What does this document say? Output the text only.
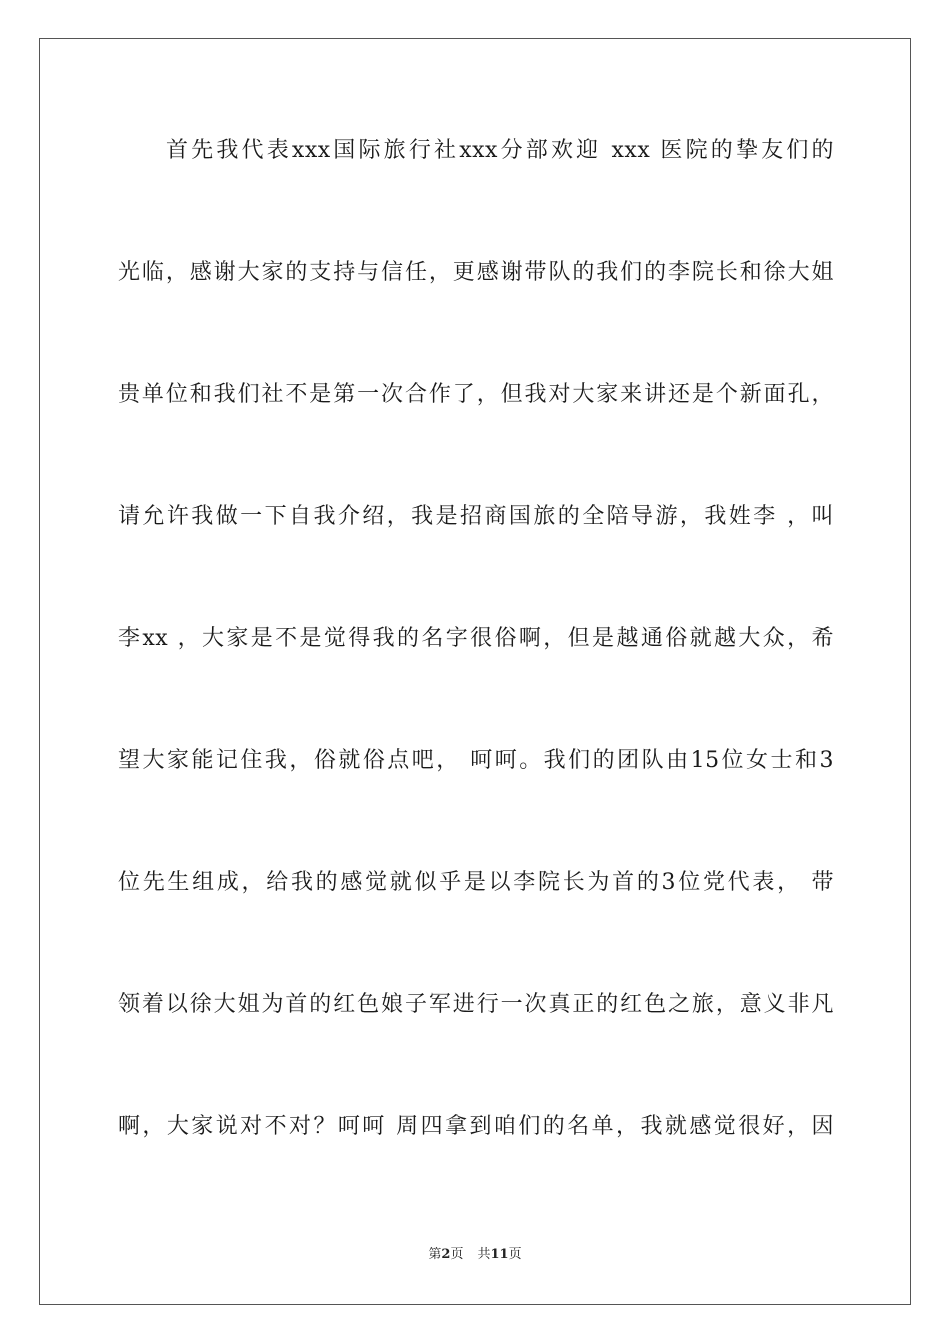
首先我代表xxx国际旅行社xxx分部欢迎 xxx 医院的挚友们的
光临，感谢大家的支持与信任，更感谢带队的我们的李院长和徐大姐
贵单位和我们社不是第一次合作了，但我对大家来讲还是个新面孔，
请允许我做一下自我介绍，我是招商国旅的全陪导游，我姓李 ，叫
李xx ，大家是不是觉得我的名字很俗啊，但是越通俗就越大众，希
望大家能记住我，俗就俗点吧， 呵呵。我们的团队由15位女士和3
位先生组成，给我的感觉就似乎是以李院长为首的3位党代表， 带
领着以徐大姐为首的红色娘子军进行一次真正的红色之旅，意义非凡
啊，大家说对不对？呵呵 周四拿到咱们的名单，我就感觉很好，因
第2页 共11页
